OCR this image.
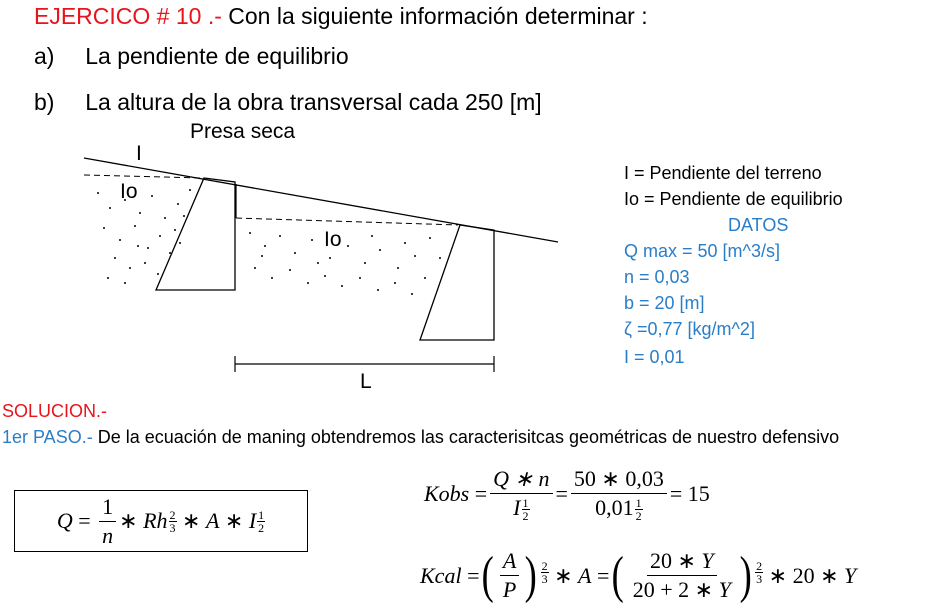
EJERCICO # 10 .- Con la siguiente información determinar :
a) La pendiente de equilibrio
b) La altura de la obra transversal cada 250 [m]
Presa seca
I
Io
Io
L
I = Pendiente del terreno
Io = Pendiente de equilibrio
DATOS
Q max = 50 [m^3/s]
n = 0,03
b = 20 [m]
ζ =0,77 [kg/m^2]
I = 0,01
SOLUCION.-
1er PASO.- De la ecuación de maning obtendremos las caracterisitcas geométricas de nuestro defensivo
$Q = \frac{1}{n}$ ∗ Rh 2
3 ∗ A ∗ I 1
2
Kobs = $\frac{Q ∗ n}{I \frac{1}{2}} = \frac{50 ∗ 0,03}{0,01 \frac{1}{2}} = 15$
Kcal = ( $\frac{A}{P}$ ) 2
3 ∗ A = ( $\frac{20 ∗ Y}{20 + 2 ∗ Y}$ ) 2
3 ∗ 20 ∗ Y
